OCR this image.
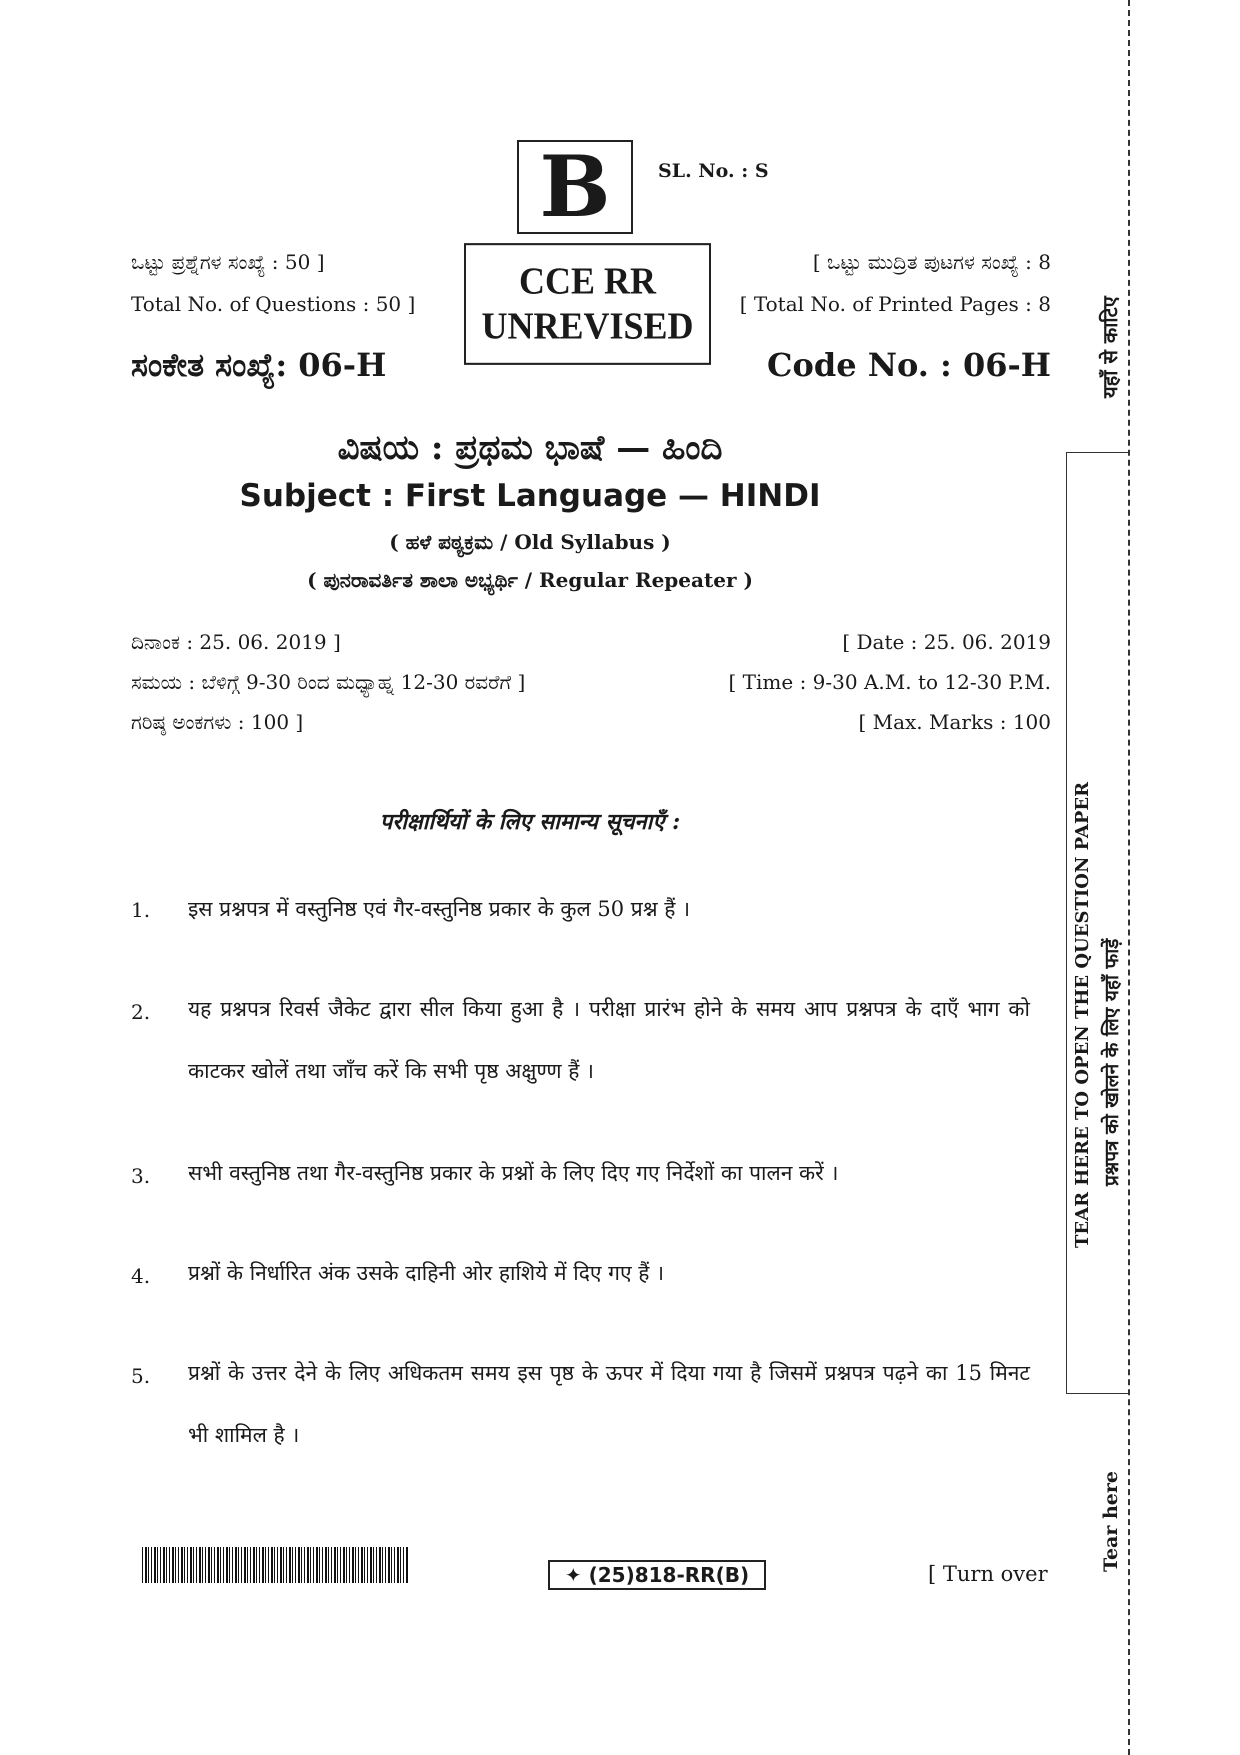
B	SL. No. : S
CCE RR
UNREVISED
ಒಟ್ಟು ಪ್ರಶ್ನೆಗಳ ಸಂಖ್ಯೆ : 50 ]
Total No. of Questions : 50 ]
[ ಒಟ್ಟು ಮುದ್ರಿತ ಪುಟಗಳ ಸಂಖ್ಯೆ : 8
[ Total No. of Printed Pages : 8
ಸಂಕೇತ ಸಂಖ್ಯೆ: 06-H	Code No. : 06-H
ವಿಷಯ : ಪ್ರಥಮ ಭಾಷೆ — ಹಿಂದಿ
Subject : First Language — HINDI
( ಹಳೆ ಪಠ್ಯಕ್ರಮ / Old Syllabus )
( ಪುನರಾವರ್ತಿತ ಶಾಲಾ ಅಭ್ಯರ್ಥಿ / Regular Repeater )
ದಿನಾಂಕ : 25. 06. 2019 ]	[ Date : 25. 06. 2019
ಸಮಯ : ಬೆಳಿಗ್ಗೆ 9-30 ರಿಂದ ಮಧ್ಯಾಹ್ನ 12-30 ರವರೆಗೆ ]	[ Time : 9-30 A.M. to 12-30 P.M.
ಗರಿಷ್ಠ ಅಂಕಗಳು : 100 ]	[ Max. Marks : 100
परीक्षार्थियों के लिए सामान्य सूचनाएँ :
1. इस प्रश्नपत्र में वस्तुनिष्ठ एवं गैर-वस्तुनिष्ठ प्रकार के कुल 50 प्रश्न हैं ।
2. यह प्रश्नपत्र रिवर्स जैकेट द्वारा सील किया हुआ है । परीक्षा प्रारंभ होने के समय आप प्रश्नपत्र के दाएँ भाग को काटकर खोलें तथा जाँच करें कि सभी पृष्ठ अक्षुण्ण हैं ।
3. सभी वस्तुनिष्ठ तथा गैर-वस्तुनिष्ठ प्रकार के प्रश्नों के लिए दिए गए निर्देशों का पालन करें ।
4. प्रश्नों के निर्धारित अंक उसके दाहिनी ओर हाशिये में दिए गए हैं ।
5. प्रश्नों के उत्तर देने के लिए अधिकतम समय इस पृष्ठ के ऊपर में दिया गया है जिसमें प्रश्नपत्र पढ़ने का 15 मिनट भी शामिल है ।
यहाँ से काटिए
TEAR HERE TO OPEN THE QUESTION PAPER प्रश्नपत्र को खोलने के लिए यहाँ फाड़ें
Tear here
✦ (25)818-RR(B)	[ Turn over
